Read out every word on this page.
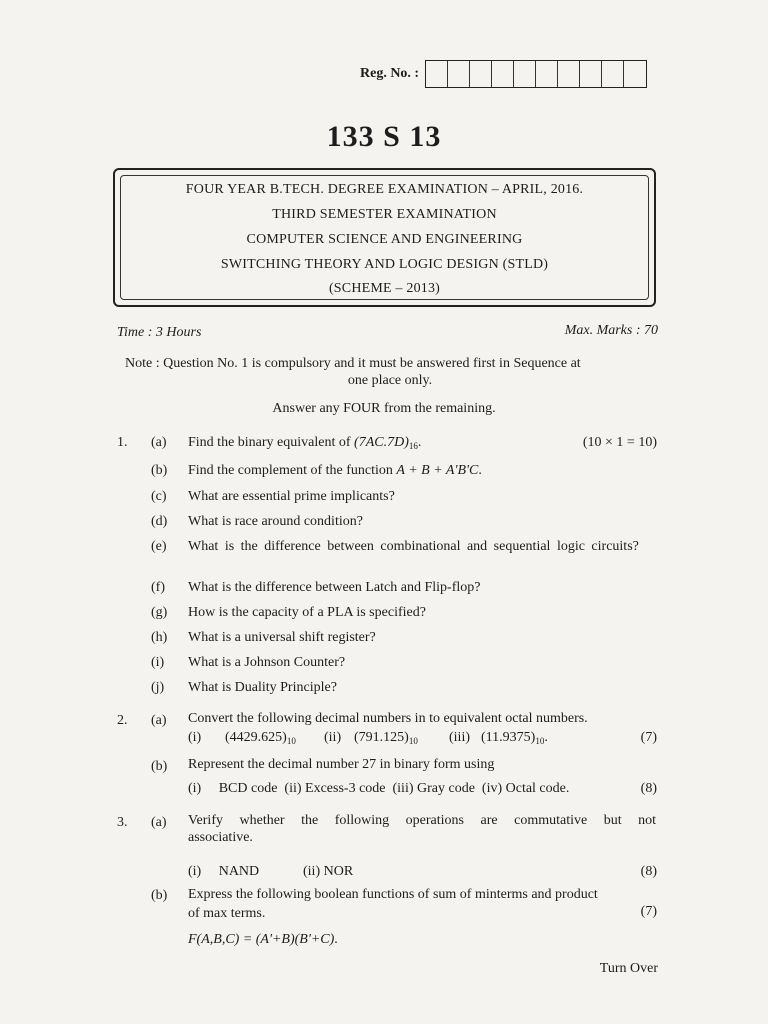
Reg. No. :
133 S 13
FOUR YEAR B.TECH. DEGREE EXAMINATION – APRIL, 2016.
THIRD SEMESTER EXAMINATION
COMPUTER SCIENCE AND ENGINEERING
SWITCHING THEORY AND LOGIC DESIGN (STLD)
(SCHEME – 2013)
Time : 3 Hours	Max. Marks : 70
Note : Question No. 1 is compulsory and it must be answered first in Sequence at
one place only.
Answer any FOUR from the remaining.
1. (a) Find the binary equivalent of $(7AC.7D)_{16}$.	(10 × 1 = 10)
(b) Find the complement of the function A + B + A'B'C.
(c) What are essential prime implicants?
(d) What is race around condition?
(e) What is the difference between combinational and sequential logic circuits?
(f) What is the difference between Latch and Flip-flop?
(g) How is the capacity of a PLA is specified?
(h) What is a universal shift register?
(i) What is a Johnson Counter?
(j) What is Duality Principle?
2. (a) Convert the following decimal numbers in to equivalent octal numbers.
(i) $(4429.625)_{10}$ (ii) $(791.125)_{10}$ (iii) $(11.9375)_{10}$.	(7)
(b) Represent the decimal number 27 in binary form using
(i)     BCD code  (ii) Excess-3 code  (iii) Gray code  (iv) Octal code.	(8)
3. (a) Verify whether the following operations are commutative but not associative.
(i)     NAND	(ii) NOR	(8)
(b) Express the following boolean functions of sum of minterms and product
of max terms.	(7)
F(A,B,C) = (A'+B)(B'+C).
Turn Over
